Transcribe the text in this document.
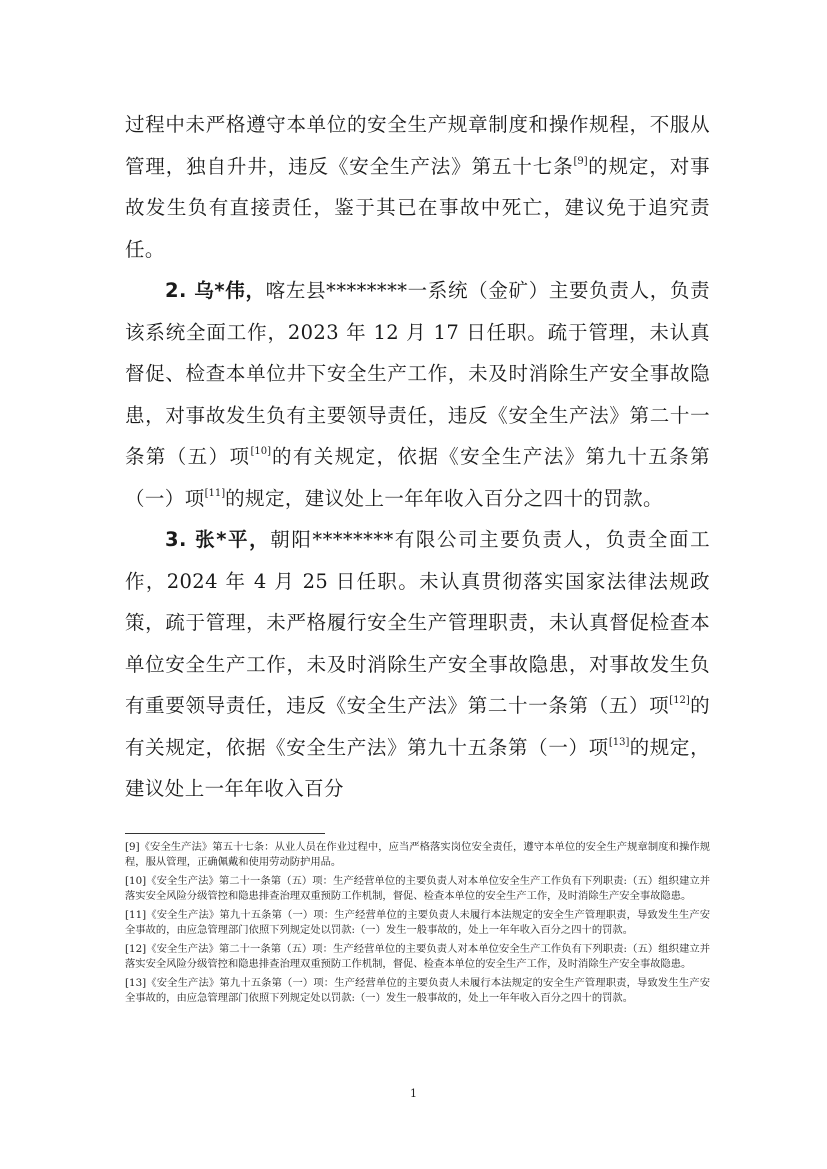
过程中未严格遵守本单位的安全生产规章制度和操作规程，不服从管理，独自升井，违反《安全生产法》第五十七条[9]的规定，对事故发生负有直接责任，鉴于其已在事故中死亡，建议免于追究责任。

2. 乌*伟，喀左县********一系统（金矿）主要负责人，负责该系统全面工作，2023 年 12 月 17 日任职。疏于管理，未认真督促、检查本单位井下安全生产工作，未及时消除生产安全事故隐患，对事故发生负有主要领导责任，违反《安全生产法》第二十一条第（五）项[10]的有关规定，依据《安全生产法》第九十五条第（一）项[11]的规定，建议处上一年年收入百分之四十的罚款。

3. 张*平，朝阳********有限公司主要负责人，负责全面工作，2024 年 4 月 25 日任职。未认真贯彻落实国家法律法规政策，疏于管理，未严格履行安全生产管理职责，未认真督促检查本单位安全生产工作，未及时消除生产安全事故隐患，对事故发生负有重要领导责任，违反《安全生产法》第二十一条第（五）项[12]的有关规定，依据《安全生产法》第九十五条第（一）项[13]的规定，建议处上一年年收入百分

[9]《安全生产法》第五十七条：从业人员在作业过程中，应当严格落实岗位安全责任，遵守本单位的安全生产规章制度和操作规程，服从管理，正确佩戴和使用劳动防护用品。

[10]《安全生产法》第二十一条第（五）项：生产经营单位的主要负责人对本单位安全生产工作负有下列职责:（五）组织建立并落实安全风险分级管控和隐患排查治理双重预防工作机制，督促、检查本单位的安全生产工作，及时消除生产安全事故隐患。

[11]《安全生产法》第九十五条第（一）项：生产经营单位的主要负责人未履行本法规定的安全生产管理职责，导致发生生产安全事故的，由应急管理部门依照下列规定处以罚款:（一）发生一般事故的，处上一年年收入百分之四十的罚款。

[12]《安全生产法》第二十一条第（五）项：生产经营单位的主要负责人对本单位安全生产工作负有下列职责:（五）组织建立并落实安全风险分级管控和隐患排查治理双重预防工作机制，督促、检查本单位的安全生产工作，及时消除生产安全事故隐患。

[13]《安全生产法》第九十五条第（一）项：生产经营单位的主要负责人未履行本法规定的安全生产管理职责，导致发生生产安全事故的，由应急管理部门依照下列规定处以罚款:（一）发生一般事故的，处上一年年收入百分之四十的罚款。

1
